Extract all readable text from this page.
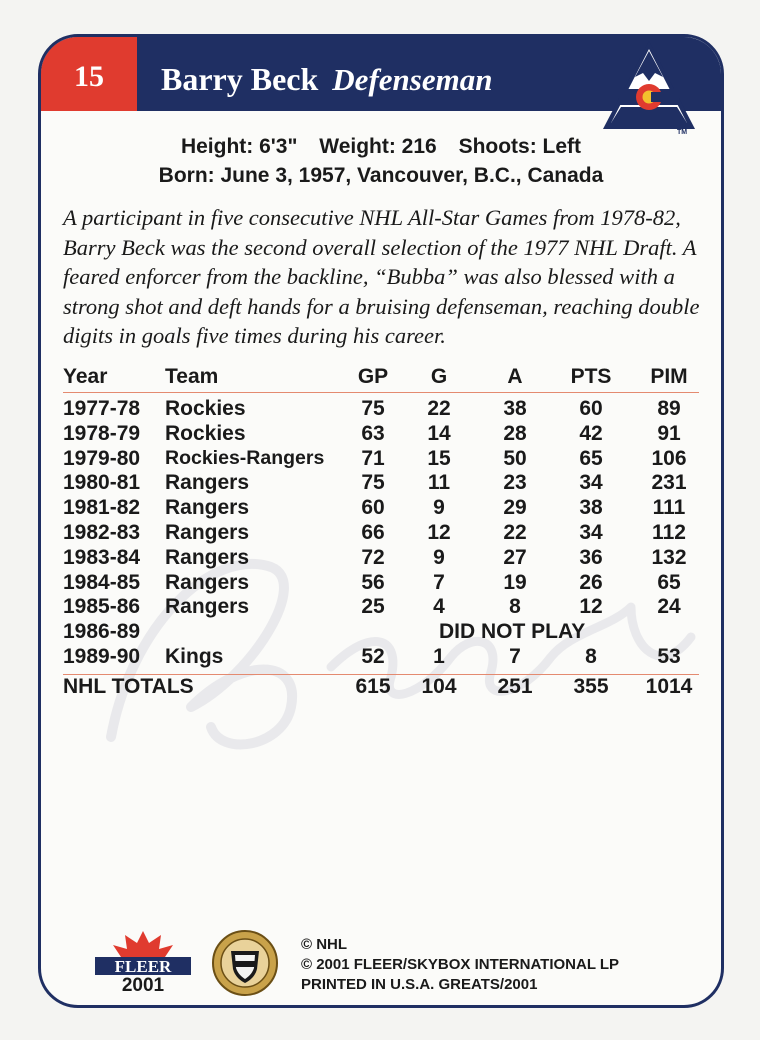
15	Barry Beck Defenseman
TM
Height: 6'3" Weight: 216 Shoots: Left
Born: June 3, 1957, Vancouver, B.C., Canada
A participant in five consecutive NHL All-Star Games from 1978-82, Barry Beck was the second overall selection of the 1977 NHL Draft. A feared enforcer from the backline, “Bubba” was also blessed with a strong shot and deft hands for a bruising defenseman, reaching double digits in goals five times during his career.
Year	Team	GP	G	A	PTS	PIM
1977-78 Rockies	75	22	38	60	89
1978-79 Rockies	63	14	28	42	91
1979-80 Rockies-Rangers	71	15	50	65	106
1980-81 Rangers	75	11	23	34	231
1981-82 Rangers	60	9	29	38	111
1982-83 Rangers	66	12	22	34	112
1983-84 Rangers	72	9	27	36	132
1984-85 Rangers	56	7	19	26	65
1985-86 Rangers	25	4	8	12	24
1986-89	DID NOT PLAY
1989-90 Kings	52	1	7	8	53
NHL TOTALS	615	104	251	355	1014
FLEER
2001
© NHL
© 2001 FLEER/SKYBOX INTERNATIONAL LP
PRINTED IN U.S.A. GREATS/2001
